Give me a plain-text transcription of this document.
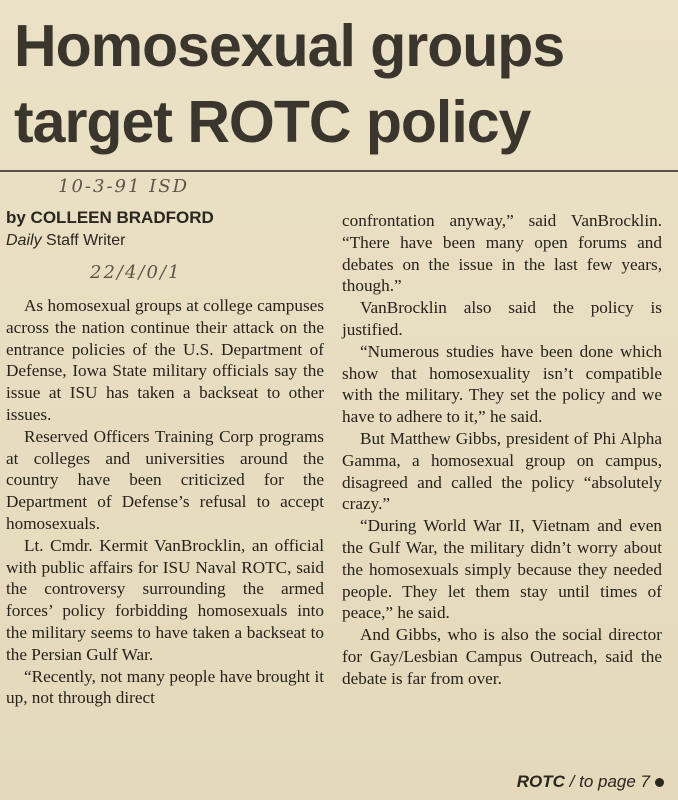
Homosexual groups target ROTC policy
10-3-91 ISD
22/4/0/1
by COLLEEN BRADFORD
Daily Staff Writer

As homosexual groups at college campuses across the nation continue their attack on the entrance policies of the U.S. Department of Defense, Iowa State military officials say the issue at ISU has taken a backseat to other issues.

Reserved Officers Training Corp programs at colleges and universities around the country have been criticized for the Department of Defense’s refusal to accept homosexuals.

Lt. Cmdr. Kermit VanBrocklin, an official with public affairs for ISU Naval ROTC, said the controversy surrounding the armed forces’ policy forbidding homosexuals into the military seems to have taken a backseat to the Persian Gulf War.

“Recently, not many people have brought it up, not through direct

confrontation anyway,” said VanBrocklin. “There have been many open forums and debates on the issue in the last few years, though.”

VanBrocklin also said the policy is justified.

“Numerous studies have been done which show that homosexuality isn’t compatible with the military. They set the policy and we have to adhere to it,” he said.

But Matthew Gibbs, president of Phi Alpha Gamma, a homosexual group on campus, disagreed and called the policy “absolutely crazy.”

“During World War II, Vietnam and even the Gulf War, the military didn’t worry about the homosexuals simply because they needed people. They let them stay until times of peace,” he said.

And Gibbs, who is also the social director for Gay/Lesbian Campus Outreach, said the debate is far from over.

ROTC / to page 7
